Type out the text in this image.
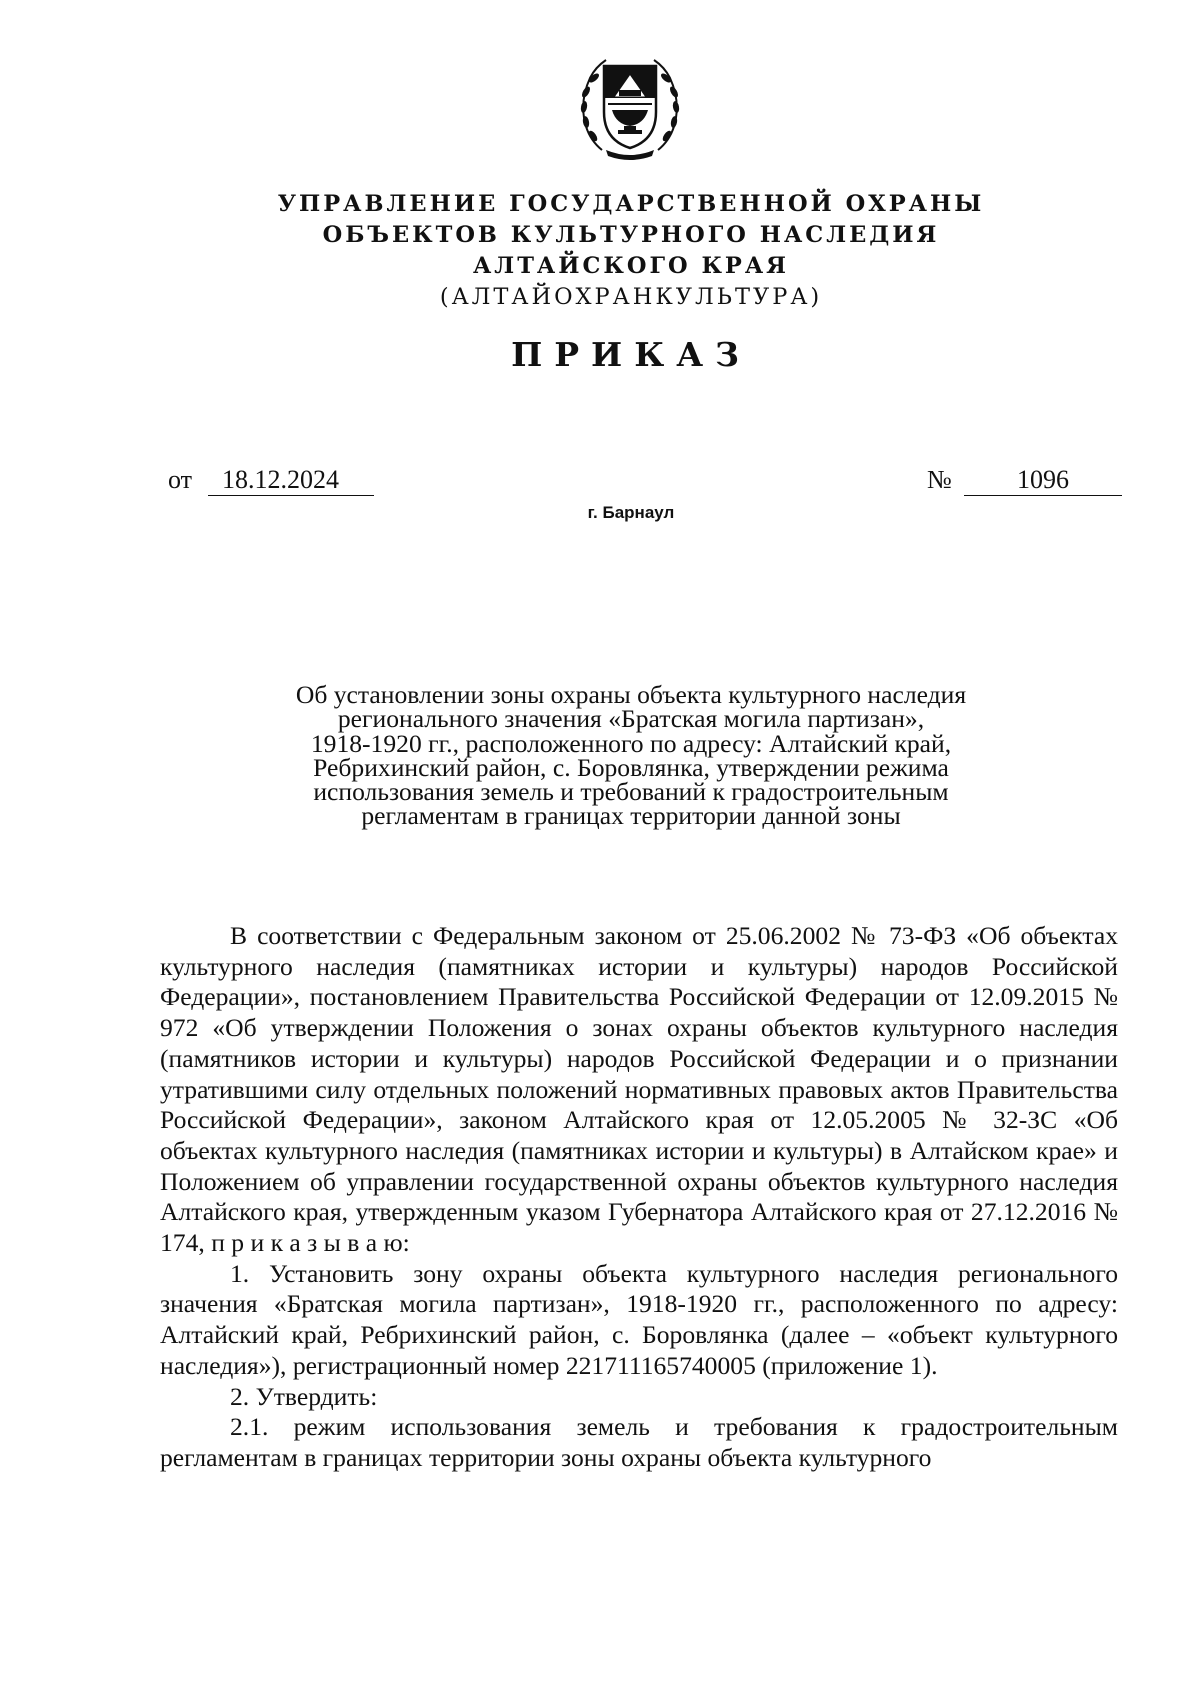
УПРАВЛЕНИЕ ГОСУДАРСТВЕННОЙ ОХРАНЫ
ОБЪЕКТОВ КУЛЬТУРНОГО НАСЛЕДИЯ
АЛТАЙСКОГО КРАЯ
(АЛТАЙОХРАНКУЛЬТУРА)
ПРИКАЗ
от	18.12.2024	№	1096
г. Барнаул
Об установлении зоны охраны объекта культурного наследия
регионального значения «Братская могила партизан»,
1918-1920 гг., расположенного по адресу: Алтайский край,
Ребрихинский район, с. Боровлянка, утверждении режима
использования земель и требований к градостроительным
регламентам в границах территории данной зоны

В соответствии с Федеральным законом от 25.06.2002 № 73-ФЗ «Об объектах культурного наследия (памятниках истории и культуры) народов Российской Федерации», постановлением Правительства Российской Федерации от 12.09.2015 № 972 «Об утверждении Положения о зонах охраны объектов культурного наследия (памятников истории и культуры) народов Российской Федерации и о признании утратившими силу отдельных положений нормативных правовых актов Правительства Российской Федерации», законом Алтайского края от 12.05.2005 № 32-ЗС «Об объектах культурного наследия (памятниках истории и культуры) в Алтайском крае» и Положением об управлении государственной охраны объектов культурного наследия Алтайского края, утвержденным указом Губернатора Алтайского края от 27.12.2016 № 174, п р и к а з ы в а ю:

1. Установить зону охраны объекта культурного наследия регионального значения «Братская могила партизан», 1918-1920 гг., расположенного по адресу: Алтайский край, Ребрихинский район, с. Боровлянка (далее – «объект культурного наследия»), регистрационный номер 221711165740005 (приложение 1).

2. Утвердить:

2.1. режим использования земель и требования к градостроительным регламентам в границах территории зоны охраны объекта культурного
